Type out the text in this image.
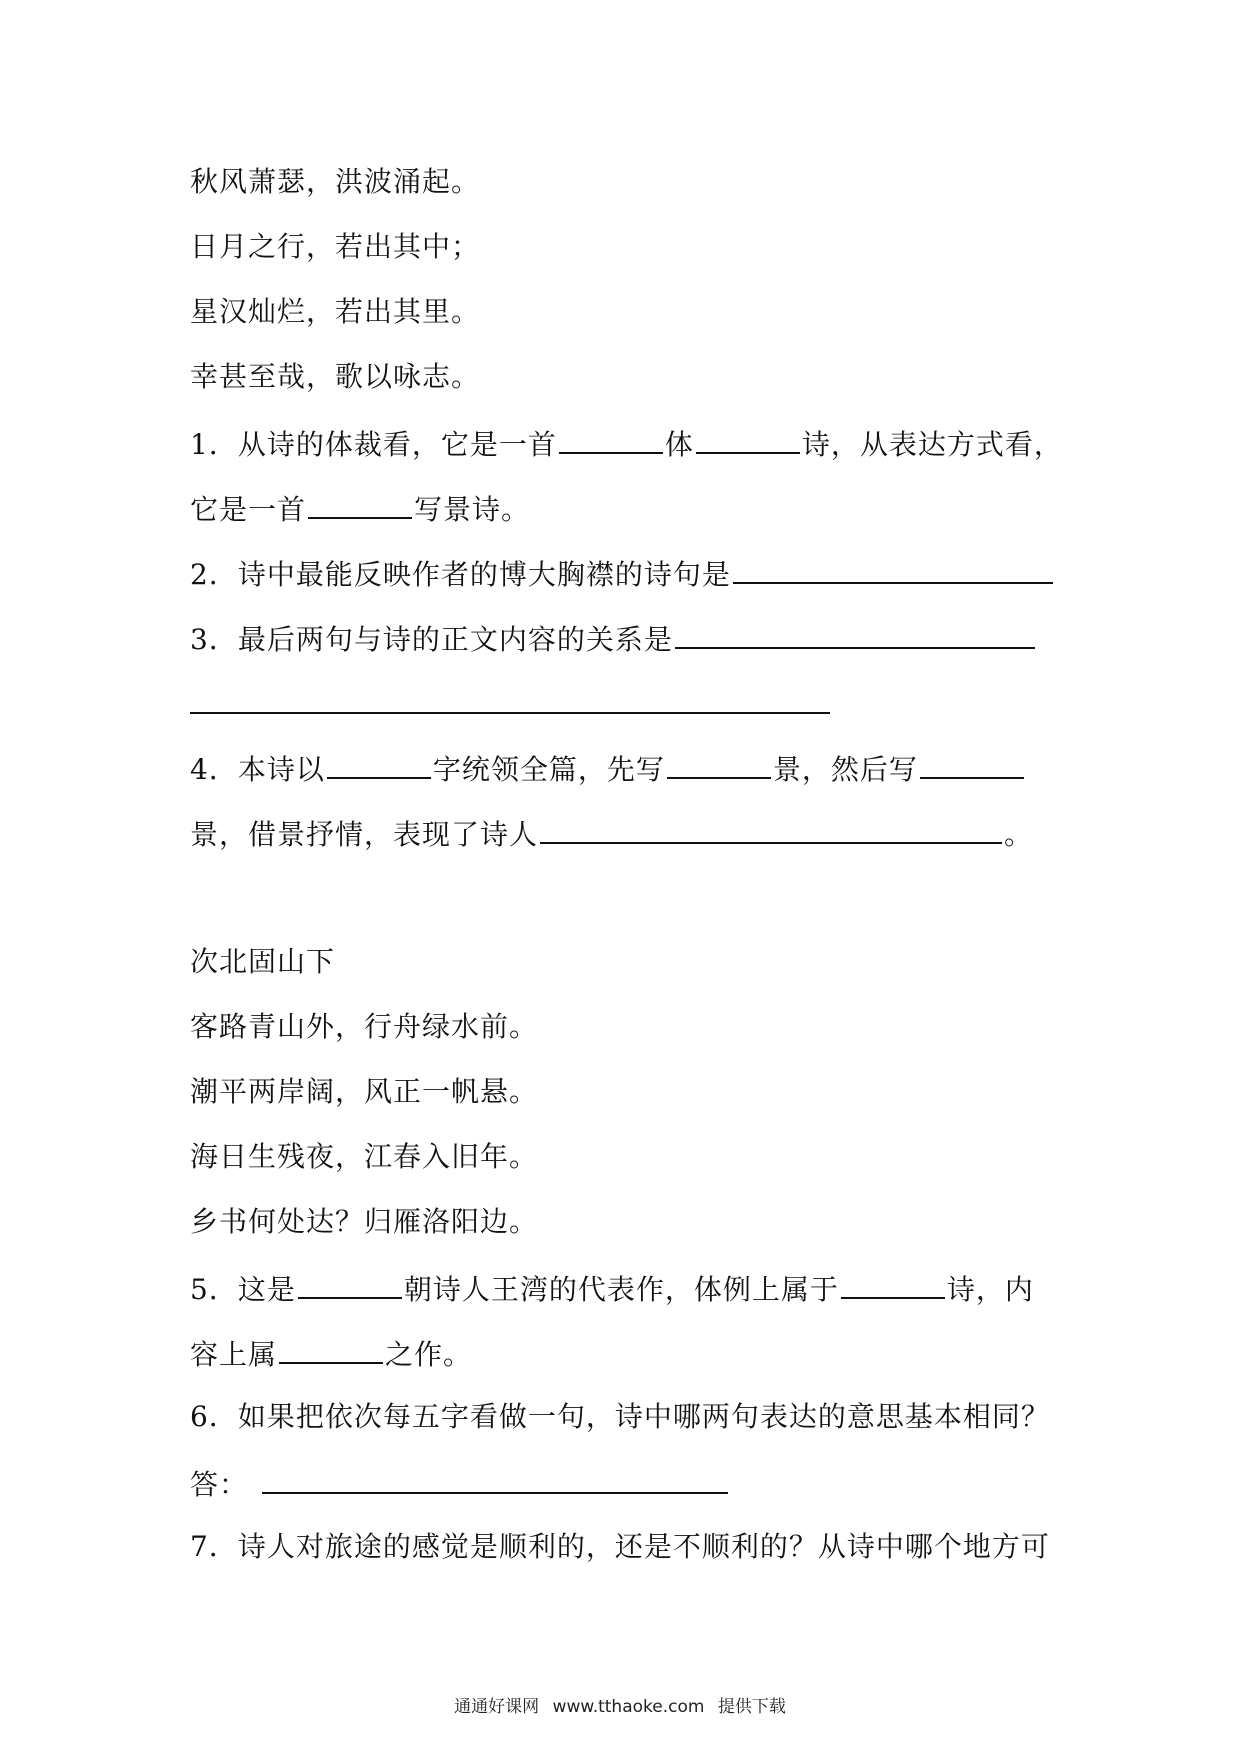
秋风萧瑟，洪波涌起。
日月之行，若出其中；
星汉灿烂，若出其里。
幸甚至哉，歌以咏志。
1．从诗的体裁看，它是一首	体	诗，从表达方式看，
它是一首	写景诗。
2．诗中最能反映作者的博大胸襟的诗句是
3．最后两句与诗的正文内容的关系是
4．本诗以	字统领全篇，先写	景，然后写
景，借景抒情，表现了诗人	。
次北固山下
客路青山外，行舟绿水前。
潮平两岸阔，风正一帆悬。
海日生残夜，江春入旧年。
乡书何处达？归雁洛阳边。
5．这是	朝诗人王湾的代表作，体例上属于	诗，内
容上属	之作。
6．如果把依次每五字看做一句，诗中哪两句表达的意思基本相同？
答：
7．诗人对旅途的感觉是顺利的，还是不顺利的？从诗中哪个地方可
通通好课网 www.tthaoke.com 提供下载
